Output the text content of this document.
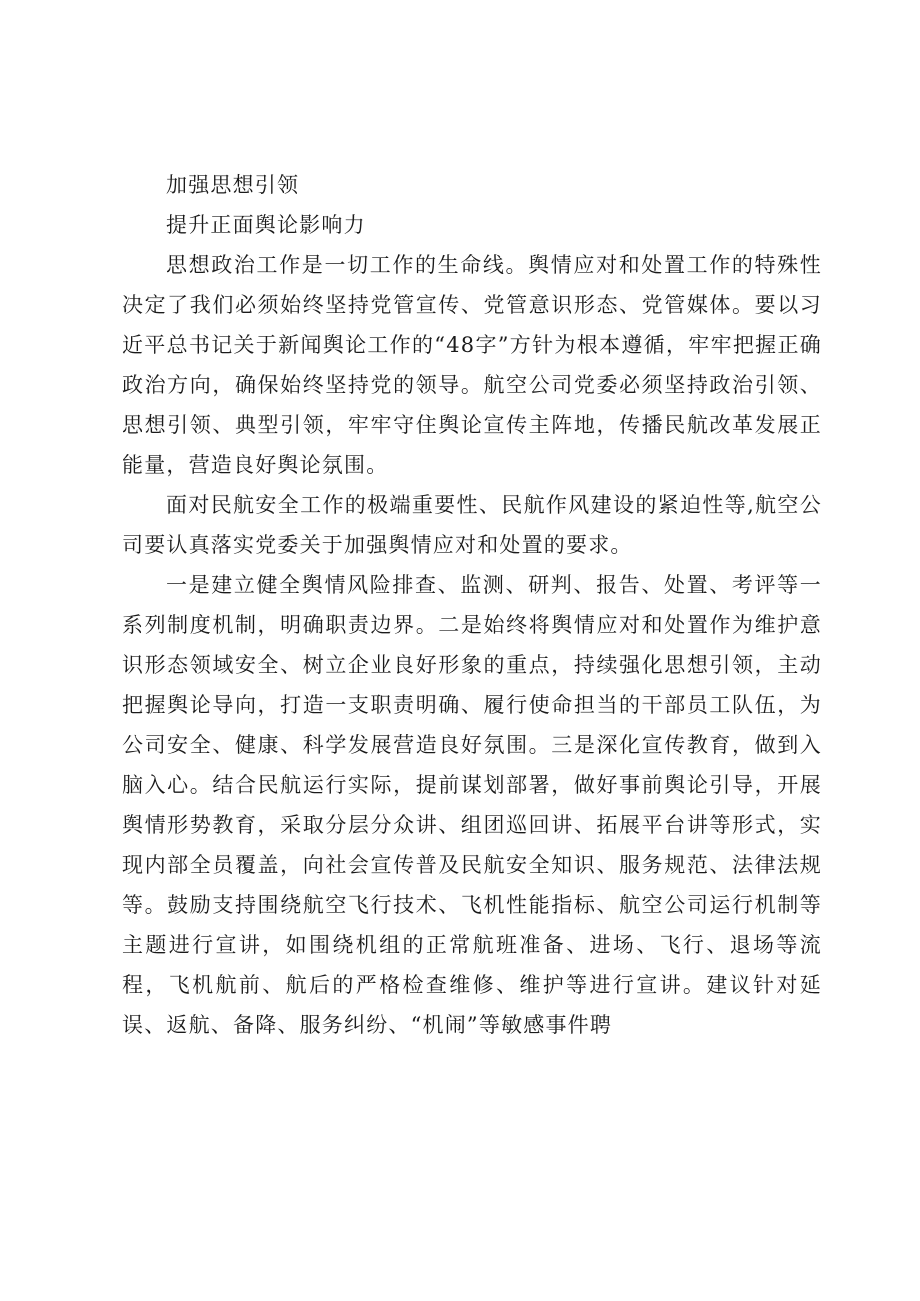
加强思想引领

提升正面舆论影响力

思想政治工作是一切工作的生命线。舆情应对和处置工作的特殊性决定了我们必须始终坚持党管宣传、党管意识形态、党管媒体。要以习近平总书记关于新闻舆论工作的“48字”方针为根本遵循，牢牢把握正确政治方向，确保始终坚持党的领导。航空公司党委必须坚持政治引领、思想引领、典型引领，牢牢守住舆论宣传主阵地，传播民航改革发展正能量，营造良好舆论氛围。

面对民航安全工作的极端重要性、民航作风建设的紧迫性等,航空公司要认真落实党委关于加强舆情应对和处置的要求。

一是建立健全舆情风险排查、监测、研判、报告、处置、考评等一系列制度机制，明确职责边界。二是始终将舆情应对和处置作为维护意识形态领域安全、树立企业良好形象的重点，持续强化思想引领，主动把握舆论导向，打造一支职责明确、履行使命担当的干部员工队伍，为公司安全、健康、科学发展营造良好氛围。三是深化宣传教育，做到入脑入心。结合民航运行实际，提前谋划部署，做好事前舆论引导，开展舆情形势教育，采取分层分众讲、组团巡回讲、拓展平台讲等形式，实现内部全员覆盖，向社会宣传普及民航安全知识、服务规范、法律法规等。鼓励支持围绕航空飞行技术、飞机性能指标、航空公司运行机制等主题进行宣讲，如围绕机组的正常航班准备、进场、飞行、退场等流程，飞机航前、航后的严格检查维修、维护等进行宣讲。建议针对延误、返航、备降、服务纠纷、“机闹”等敏感事件聘
